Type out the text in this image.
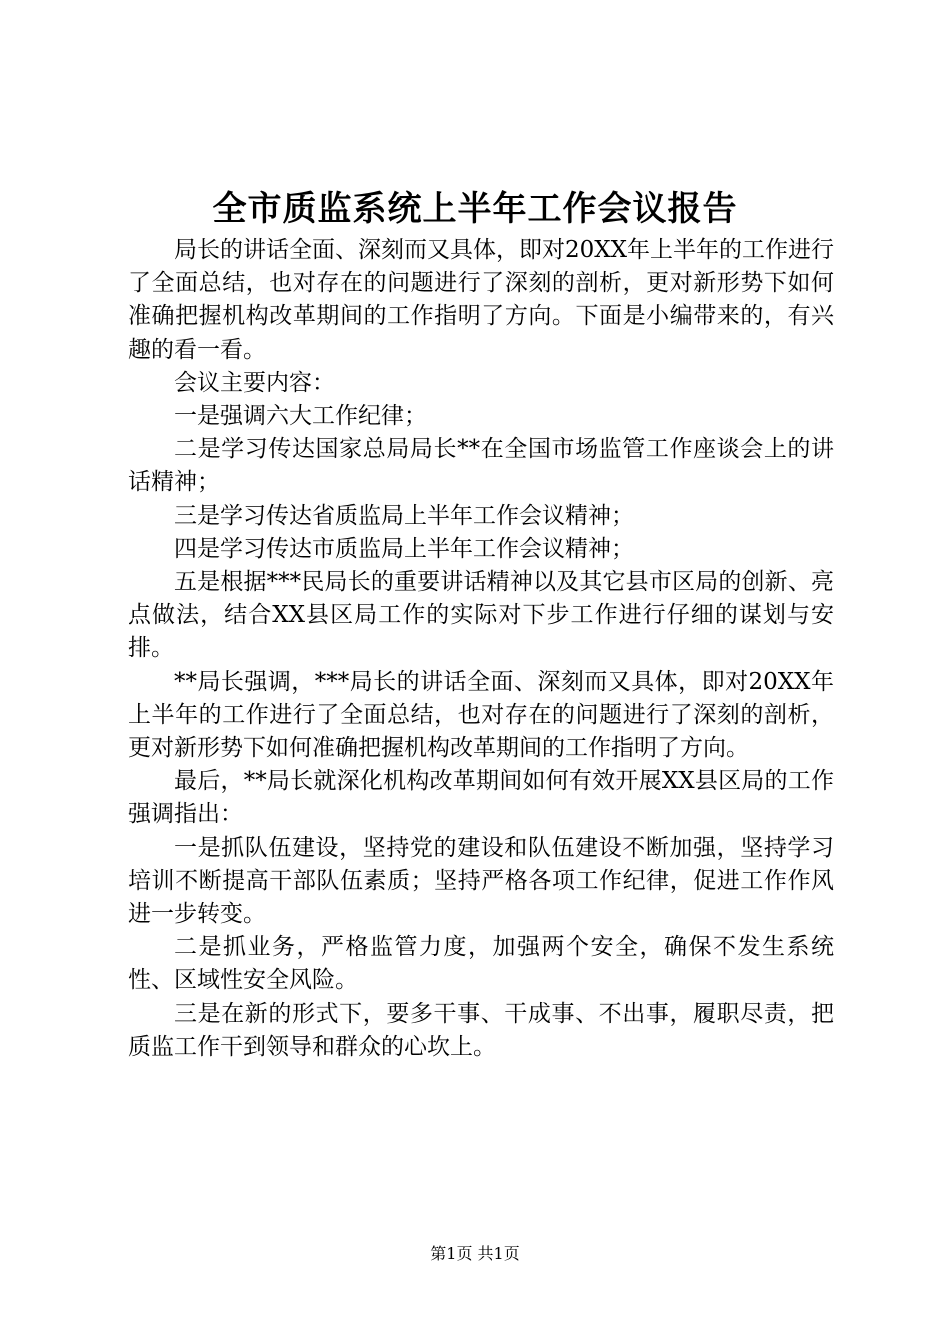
全市质监系统上半年工作会议报告

局长的讲话全面、深刻而又具体，即对20XX年上半年的工作进行了全面总结，也对存在的问题进行了深刻的剖析，更对新形势下如何准确把握机构改革期间的工作指明了方向。下面是小编带来的，有兴趣的看一看。

会议主要内容：

一是强调六大工作纪律；

二是学习传达国家总局局长**在全国市场监管工作座谈会上的讲话精神；

三是学习传达省质监局上半年工作会议精神；

四是学习传达市质监局上半年工作会议精神；

五是根据***民局长的重要讲话精神以及其它县市区局的创新、亮点做法，结合XX县区局工作的实际对下步工作进行仔细的谋划与安排。

**局长强调，***局长的讲话全面、深刻而又具体，即对20XX年上半年的工作进行了全面总结，也对存在的问题进行了深刻的剖析，更对新形势下如何准确把握机构改革期间的工作指明了方向。

最后，**局长就深化机构改革期间如何有效开展XX县区局的工作强调指出：

一是抓队伍建设，坚持党的建设和队伍建设不断加强，坚持学习培训不断提高干部队伍素质；坚持严格各项工作纪律，促进工作作风进一步转变。

二是抓业务，严格监管力度，加强两个安全，确保不发生系统性、区域性安全风险。

三是在新的形式下，要多干事、干成事、不出事，履职尽责，把质监工作干到领导和群众的心坎上。

第1页 共1页
